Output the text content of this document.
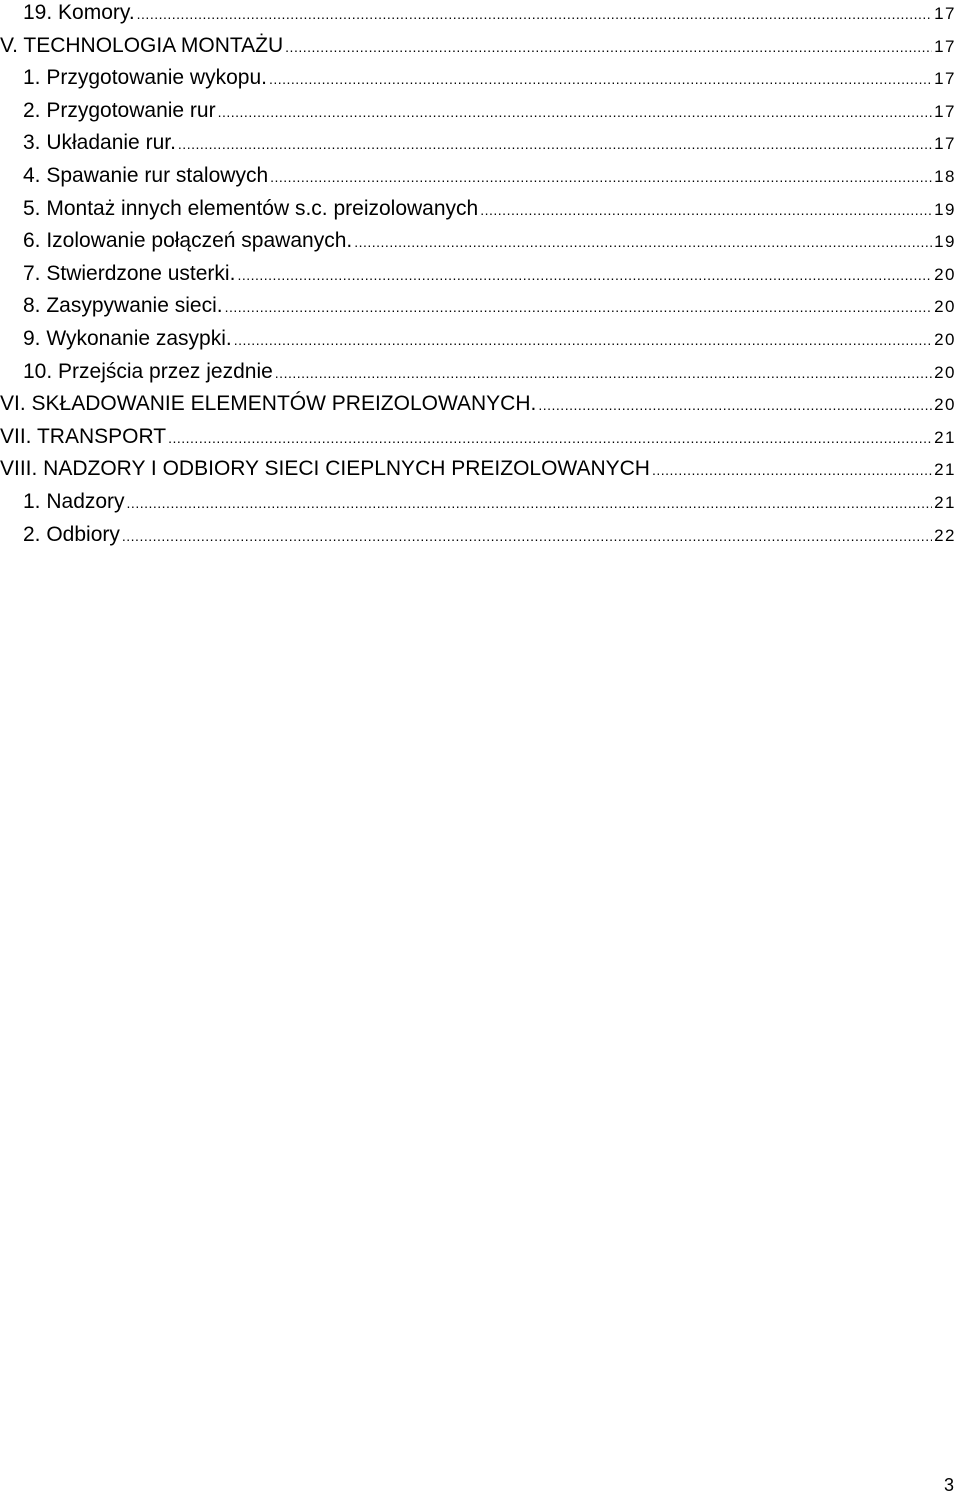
19. Komory. .....	17
V. TECHNOLOGIA MONTAŻU .....	17
1. Przygotowanie wykopu. .....	17
2. Przygotowanie rur .....	17
3. Układanie rur. .....	17
4. Spawanie rur stalowych .....	18
5. Montaż innych elementów s.c. preizolowanych .....	19
6. Izolowanie połączeń spawanych. .....	19
7. Stwierdzone usterki. .....	20
8. Zasypywanie sieci. .....	20
9. Wykonanie zasypki. .....	20
10. Przejścia przez jezdnie .....	20
VI. SKŁADOWANIE ELEMENTÓW PREIZOLOWANYCH. .....	20
VII. TRANSPORT .....	21
VIII. NADZORY I ODBIORY SIECI CIEPLNYCH PREIZOLOWANYCH .....	21
1. Nadzory .....	21
2. Odbiory .....	22
3
